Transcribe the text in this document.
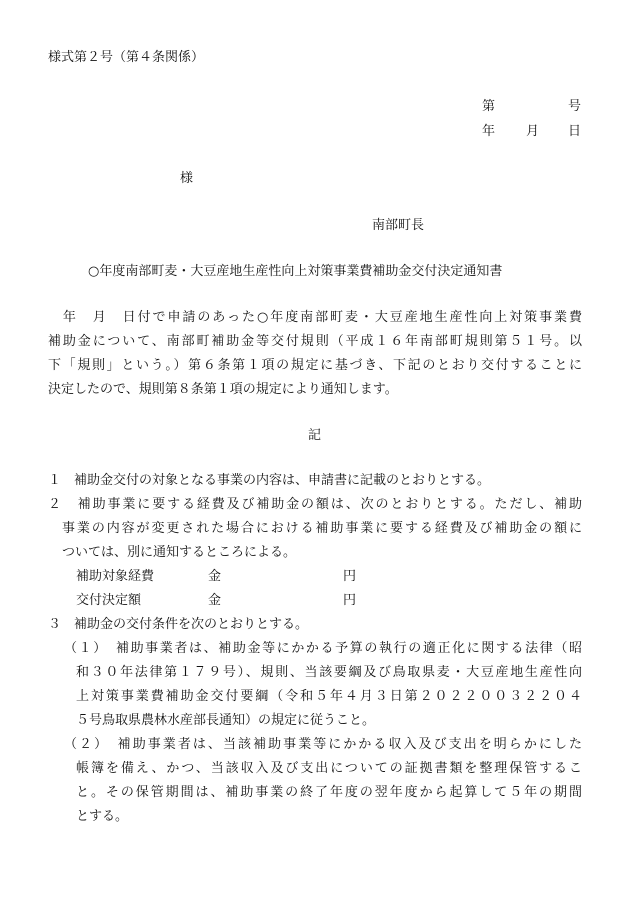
様式第２号（第４条関係）
第	号
年 月 日
様
南部町長
○年度南部町麦・大豆産地生産性向上対策事業費補助金交付決定通知書
　年　月　日付で申請のあった○年度南部町麦・大豆産地生産性向上対策事業費
補助金について、南部町補助金等交付規則（平成１６年南部町規則第５１号。以
下「規則」という。）第６条第１項の規定に基づき、下記のとおり交付することに
決定したので、規則第８条第１項の規定により通知します。
記
１　補助金交付の対象となる事業の内容は、申請書に記載のとおりとする。
２　補助事業に要する経費及び補助金の額は、次のとおりとする。ただし、補助
事業の内容が変更された場合における補助事業に要する経費及び補助金の額に
ついては、別に通知するところによる。
補助対象経費	金	円
交付決定額	金	円
３　補助金の交付条件を次のとおりとする。
（１）　補助事業者は、補助金等にかかる予算の執行の適正化に関する法律（昭
和３０年法律第１７９号）、規則、当該要綱及び鳥取県麦・大豆産地生産性向
上対策事業費補助金交付要綱（令和５年４月３日第２０２２００３２２０４
５号鳥取県農林水産部長通知）の規定に従うこと。
（２）　補助事業者は、当該補助事業等にかかる収入及び支出を明らかにした
帳簿を備え、かつ、当該収入及び支出についての証拠書類を整理保管するこ
と。その保管期間は、補助事業の終了年度の翌年度から起算して５年の期間
とする。
